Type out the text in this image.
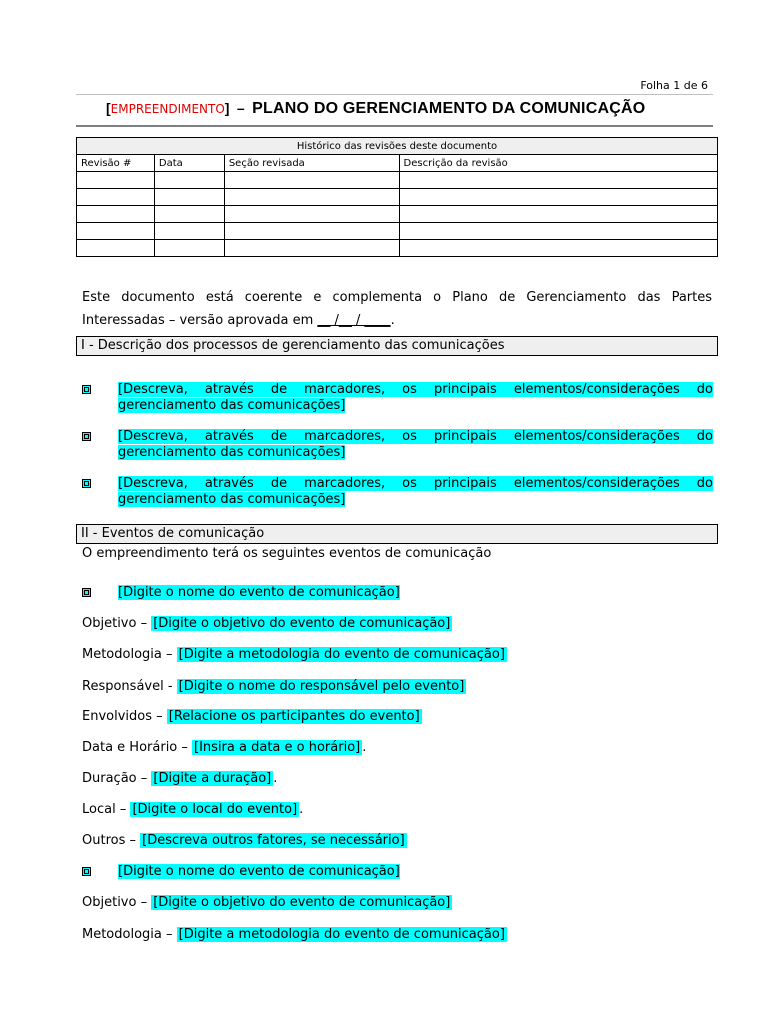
Folha 1 de 6
[EMPREENDIMENTO] – PLANO DO GERENCIAMENTO DA COMUNICAÇÃO
Histórico das revisões deste documento			
Revisão #	Data	Seção revisada	Descrição da revisão

Este documento está coerente e complementa o Plano de Gerenciamento das Partes Interessadas – versão aprovada em __ /__ / ____.
I - Descrição dos processos de gerenciamento das comunicações
[Descreva, através de marcadores, os principais elementos/considerações do gerenciamento das comunicações]
[Descreva, através de marcadores, os principais elementos/considerações do gerenciamento das comunicações]
[Descreva, através de marcadores, os principais elementos/considerações do gerenciamento das comunicações]
II - Eventos de comunicação
O empreendimento terá os seguintes eventos de comunicação
[Digite o nome do evento de comunicação]
Objetivo – [Digite o objetivo do evento de comunicação]
Metodologia – [Digite a metodologia do evento de comunicação]
Responsável - [Digite o nome do responsável pelo evento]
Envolvidos – [Relacione os participantes do evento]
Data e Horário – [Insira a data e o horário] .
Duração – [Digite a duração] .
Local – [Digite o local do evento] .
Outros – [Descreva outros fatores, se necessário]
[Digite o nome do evento de comunicação]
Objetivo – [Digite o objetivo do evento de comunicação]
Metodologia – [Digite a metodologia do evento de comunicação]
